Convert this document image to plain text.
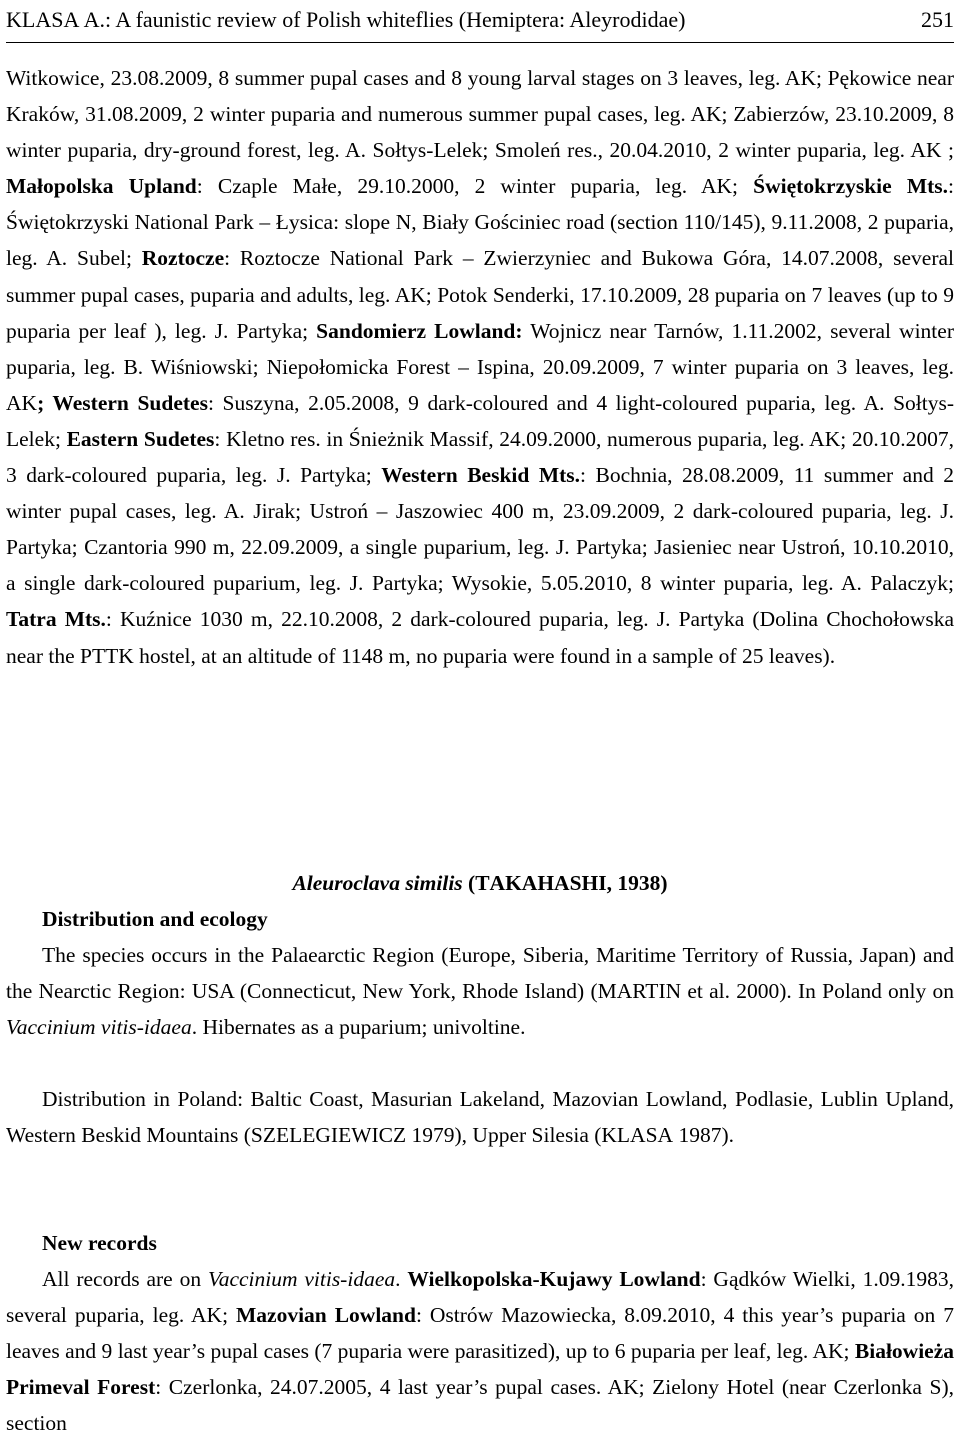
KLASA A.: A faunistic review of Polish whiteflies (Hemiptera: Aleyrodidae)	251

Witkowice, 23.08.2009, 8 summer pupal cases and 8 young larval stages on 3 leaves, leg. AK; Pękowice near Kraków, 31.08.2009, 2 winter puparia and numerous summer pupal cases, leg. AK; Zabierzów, 23.10.2009, 8 winter puparia, dry-ground forest, leg. A. Sołtys-Lelek; Smoleń res., 20.04.2010, 2 winter puparia, leg. AK ; Małopolska Upland: Czaple Małe, 29.10.2000, 2 winter puparia, leg. AK; Świętokrzyskie Mts.: Świętokrzyski National Park – Łysica: slope N, Biały Gościniec road (section 110/145), 9.11.2008, 2 puparia, leg. A. Subel; Roztocze: Roztocze National Park – Zwierzyniec and Bukowa Góra, 14.07.2008, several summer pupal cases, puparia and adults, leg. AK; Potok Senderki, 17.10.2009, 28 puparia on 7 leaves (up to 9 puparia per leaf ), leg. J. Partyka; Sandomierz Lowland: Wojnicz near Tarnów, 1.11.2002, several winter puparia, leg. B. Wiśniowski; Niepołomicka Forest – Ispina, 20.09.2009, 7 winter puparia on 3 leaves, leg. AK; Western Sudetes: Suszyna, 2.05.2008, 9 dark-coloured and 4 light-coloured puparia, leg. A. Sołtys-Lelek; Eastern Sudetes: Kletno res. in Śnieżnik Massif, 24.09.2000, numerous puparia, leg. AK; 20.10.2007, 3 dark-coloured puparia, leg. J. Partyka; Western Beskid Mts.: Bochnia, 28.08.2009, 11 summer and 2 winter pupal cases, leg. A. Jirak; Ustroń – Jaszowiec 400 m, 23.09.2009, 2 dark-coloured puparia, leg. J. Partyka; Czantoria 990 m, 22.09.2009, a single puparium, leg. J. Partyka; Jasieniec near Ustroń, 10.10.2010, a single dark-coloured puparium, leg. J. Partyka; Wysokie, 5.05.2010, 8 winter puparia, leg. A. Palaczyk; Tatra Mts.: Kuźnice 1030 m, 22.10.2008, 2 dark-coloured puparia, leg. J. Partyka (Dolina Chochołowska near the PTTK hostel, at an altitude of 1148 m, no puparia were found in a sample of 25 leaves).

Aleuroclava similis (TAKAHASHI, 1938)

Distribution and ecology

The species occurs in the Palaearctic Region (Europe, Siberia, Maritime Territory of Russia, Japan) and the Nearctic Region: USA (Connecticut, New York, Rhode Island) (MARTIN et al. 2000). In Poland only on Vaccinium vitis-idaea. Hibernates as a puparium; univoltine.

Distribution in Poland: Baltic Coast, Masurian Lakeland, Mazovian Lowland, Podlasie, Lublin Upland, Western Beskid Mountains (SZELEGIEWICZ 1979), Upper Silesia (KLASA 1987).

New records

All records are on Vaccinium vitis-idaea. Wielkopolska-Kujawy Lowland: Gądków Wielki, 1.09.1983, several puparia, leg. AK; Mazovian Lowland: Ostrów Mazowiecka, 8.09.2010, 4 this year’s puparia on 7 leaves and 9 last year’s pupal cases (7 puparia were parasitized), up to 6 puparia per leaf, leg. AK; Białowieża Primeval Forest: Czerlonka, 24.07.2005, 4 last year’s pupal cases. AK; Zielony Hotel (near Czerlonka S), section
